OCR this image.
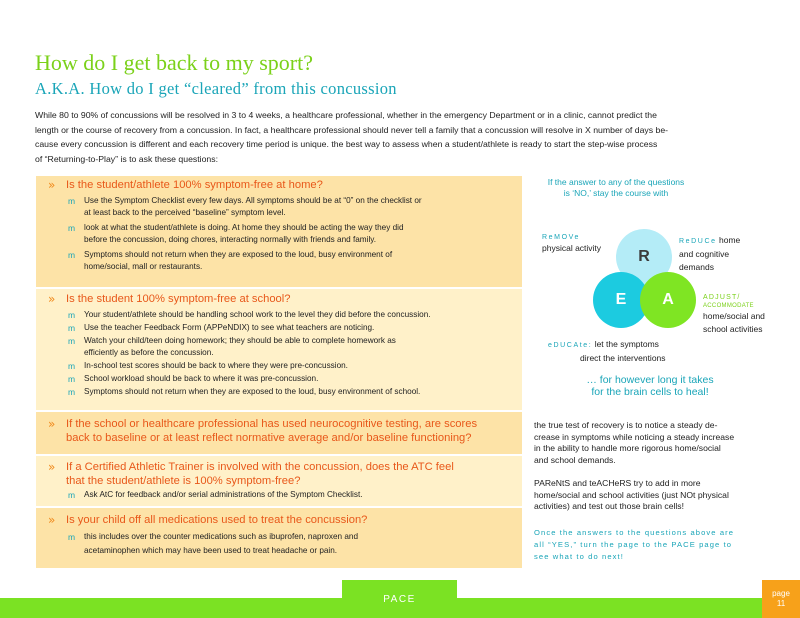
How do I get back to my sport?
A.K.A. How do I get “cleared” from this concussion
While 80 to 90% of concussions will be resolved in 3 to 4 weeks, a healthcare professional, whether in the emergency Department or in a clinic, cannot predict the
length or the course of recovery from a concussion. In fact, a healthcare professional should never tell a family that a concussion will resolve in X number of days be-
cause every concussion is different and each recovery time period is unique. the best way to assess when a student/athlete is ready to start the step-wise process
of “Returning-to-Play” is to ask these questions:
» Is the student/athlete 100% symptom-free at home?
m Use the Symptom Checklist every few days. All symptoms should be at “0” on the checklist or
at least back to the perceived “baseline” symptom level.
m look at what the student/athlete is doing. At home they should be acting the way they did
before the concussion, doing chores, interacting normally with friends and family.
m Symptoms should not return when they are exposed to the loud, busy environment of
home/social, mall or restaurants.
» Is the student 100% symptom-free at school?
m Your student/athlete should be handling school work to the level they did before the concussion.
m Use the teacher Feedback Form (APPeNDIX) to see what teachers are noticing.
m Watch your child/teen doing homework; they should be able to complete homework as
efficiently as before the concussion.
m In-school test scores should be back to where they were pre-concussion.
m School workload should be back to where it was pre-concussion.
m Symptoms should not return when they are exposed to the loud, busy environment of school.
» If the school or healthcare professional has used neurocognitive testing, are scores
back to baseline or at least reflect normative average and/or baseline functioning?
» If a Certified Athletic Trainer is involved with the concussion, does the ATC feel
that the student/athlete is 100% symptom-free?
m Ask AtC for feedback and/or serial administrations of the Symptom Checklist.
» Is your child off all medications used to treat the concussion?
m this includes over the counter medications such as ibuprofen, naproxen and
acetaminophen which may have been used to treat headache or pain.
If the answer to any of the questions
is ‘NO,’ stay the course with
ReMOVe
physical activity
ReDUCe home
and cognitive
demands
R
E	A	ADJUST/
ACCOMMODATE
home/social and
school activities
eDUCAte: let the symptoms
direct the interventions
… for however long it takes
for the brain cells to heal!
the true test of recovery is to notice a steady de-
crease in symptoms while noticing a steady increase
in the ability to handle more rigorous home/social
and school demands.
PAReNtS and teACHeRS try to add in more
home/social and school activities (just NOt physical
activities) and test out those brain cells!
Once the answers to the questions above are
all “YES,” turn the page to the PACE page to
see what to do next!
PACE	page
11
